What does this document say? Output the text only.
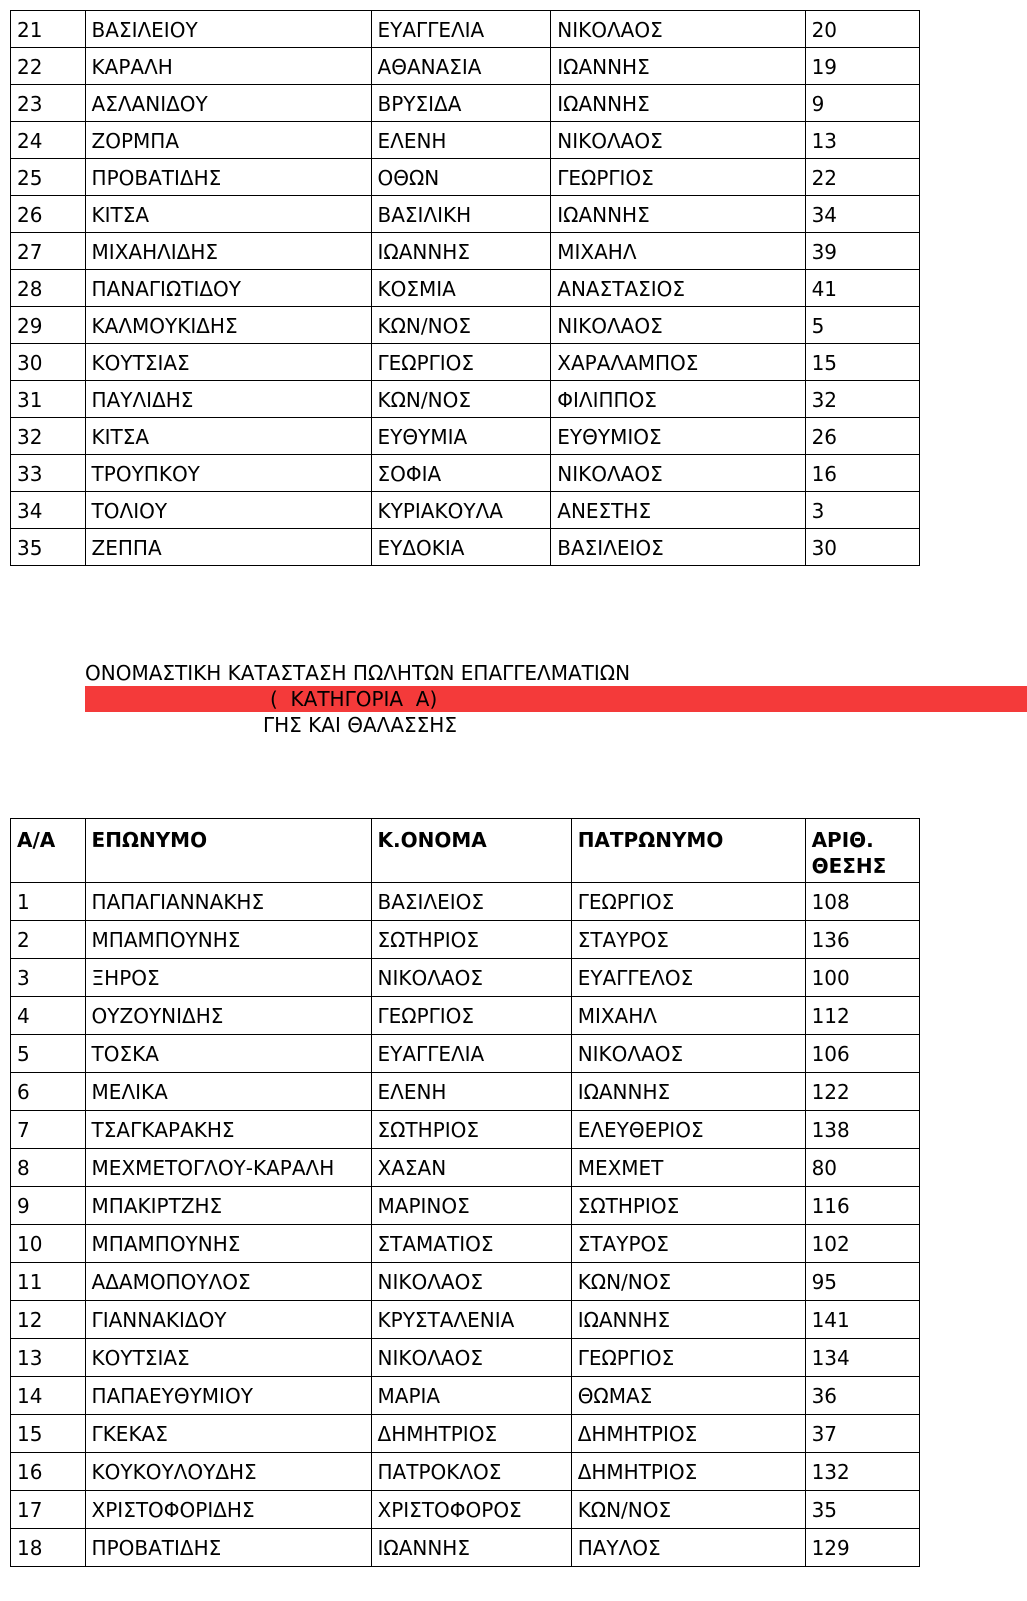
21	ΒΑΣΙΛΕΙΟΥ	ΕΥΑΓΓΕΛΙΑ	ΝΙΚΟΛΑΟΣ	20
22	ΚΑΡΑΛΗ	ΑΘΑΝΑΣΙΑ	ΙΩΑΝΝΗΣ	19
23	ΑΣΛΑΝΙΔΟΥ	ΒΡΥΣΙΔΑ	ΙΩΑΝΝΗΣ	9
24	ΖΟΡΜΠΑ	ΕΛΕΝΗ	ΝΙΚΟΛΑΟΣ	13
25	ΠΡΟΒΑΤΙΔΗΣ	ΟΘΩΝ	ΓΕΩΡΓΙΟΣ	22
26	ΚΙΤΣΑ	ΒΑΣΙΛΙΚΗ	ΙΩΑΝΝΗΣ	34
27	ΜΙΧΑΗΛΙΔΗΣ	ΙΩΑΝΝΗΣ	ΜΙΧΑΗΛ	39
28	ΠΑΝΑΓΙΩΤΙΔΟΥ	ΚΟΣΜΙΑ	ΑΝΑΣΤΑΣΙΟΣ	41
29	ΚΑΛΜΟΥΚΙΔΗΣ	ΚΩΝ/ΝΟΣ	ΝΙΚΟΛΑΟΣ	5
30	ΚΟΥΤΣΙΑΣ	ΓΕΩΡΓΙΟΣ	ΧΑΡΑΛΑΜΠΟΣ	15
31	ΠΑΥΛΙΔΗΣ	ΚΩΝ/ΝΟΣ	ΦΙΛΙΠΠΟΣ	32
32	ΚΙΤΣΑ	ΕΥΘΥΜΙΑ	ΕΥΘΥΜΙΟΣ	26
33	ΤΡΟΥΠΚΟΥ	ΣΟΦΙΑ	ΝΙΚΟΛΑΟΣ	16
34	ΤΟΛΙΟΥ	ΚΥΡΙΑΚΟΥΛΑ	ΑΝΕΣΤΗΣ	3
35	ΖΕΠΠΑ	ΕΥΔΟΚΙΑ	ΒΑΣΙΛΕΙΟΣ	30
ΟΝΟΜΑΣΤΙΚΗ ΚΑΤΑΣΤΑΣΗ ΠΩΛΗΤΩΝ ΕΠΑΓΓΕΛΜΑΤΙΩΝ
(  ΚΑΤΗΓΟΡΙΑ  Α)
ΓΗΣ ΚΑΙ ΘΑΛΑΣΣΗΣ
Α/Α	ΕΠΩΝΥΜΟ	Κ.ΟΝΟΜΑ	ΠΑΤΡΩΝΥΜΟ	ΑΡΙΘ. ΘΕΣΗΣ
1	ΠΑΠΑΓΙΑΝΝΑΚΗΣ	ΒΑΣΙΛΕΙΟΣ	ΓΕΩΡΓΙΟΣ	108
2	ΜΠΑΜΠΟΥΝΗΣ	ΣΩΤΗΡΙΟΣ	ΣΤΑΥΡΟΣ	136
3	ΞΗΡΟΣ	ΝΙΚΟΛΑΟΣ	ΕΥΑΓΓΕΛΟΣ	100
4	ΟΥΖΟΥΝΙΔΗΣ	ΓΕΩΡΓΙΟΣ	ΜΙΧΑΗΛ	112
5	ΤΟΣΚΑ	ΕΥΑΓΓΕΛΙΑ	ΝΙΚΟΛΑΟΣ	106
6	ΜΕΛΙΚΑ	ΕΛΕΝΗ	ΙΩΑΝΝΗΣ	122
7	ΤΣΑΓΚΑΡΑΚΗΣ	ΣΩΤΗΡΙΟΣ	ΕΛΕΥΘΕΡΙΟΣ	138
8	ΜΕΧΜΕΤΟΓΛΟΥ-ΚΑΡΑΛΗ	ΧΑΣΑΝ	ΜΕΧΜΕΤ	80
9	ΜΠΑΚΙΡΤΖΗΣ	ΜΑΡΙΝΟΣ	ΣΩΤΗΡΙΟΣ	116
10	ΜΠΑΜΠΟΥΝΗΣ	ΣΤΑΜΑΤΙΟΣ	ΣΤΑΥΡΟΣ	102
11	ΑΔΑΜΟΠΟΥΛΟΣ	ΝΙΚΟΛΑΟΣ	ΚΩΝ/ΝΟΣ	95
12	ΓΙΑΝΝΑΚΙΔΟΥ	ΚΡΥΣΤΑΛΕΝΙΑ	ΙΩΑΝΝΗΣ	141
13	ΚΟΥΤΣΙΑΣ	ΝΙΚΟΛΑΟΣ	ΓΕΩΡΓΙΟΣ	134
14	ΠΑΠΑΕΥΘΥΜΙΟΥ	ΜΑΡΙΑ	ΘΩΜΑΣ	36
15	ΓΚΕΚΑΣ	ΔΗΜΗΤΡΙΟΣ	ΔΗΜΗΤΡΙΟΣ	37
16	ΚΟΥΚΟΥΛΟΥΔΗΣ	ΠΑΤΡΟΚΛΟΣ	ΔΗΜΗΤΡΙΟΣ	132
17	ΧΡΙΣΤΟΦΟΡΙΔΗΣ	ΧΡΙΣΤΟΦΟΡΟΣ	ΚΩΝ/ΝΟΣ	35
18	ΠΡΟΒΑΤΙΔΗΣ	ΙΩΑΝΝΗΣ	ΠΑΥΛΟΣ	129
